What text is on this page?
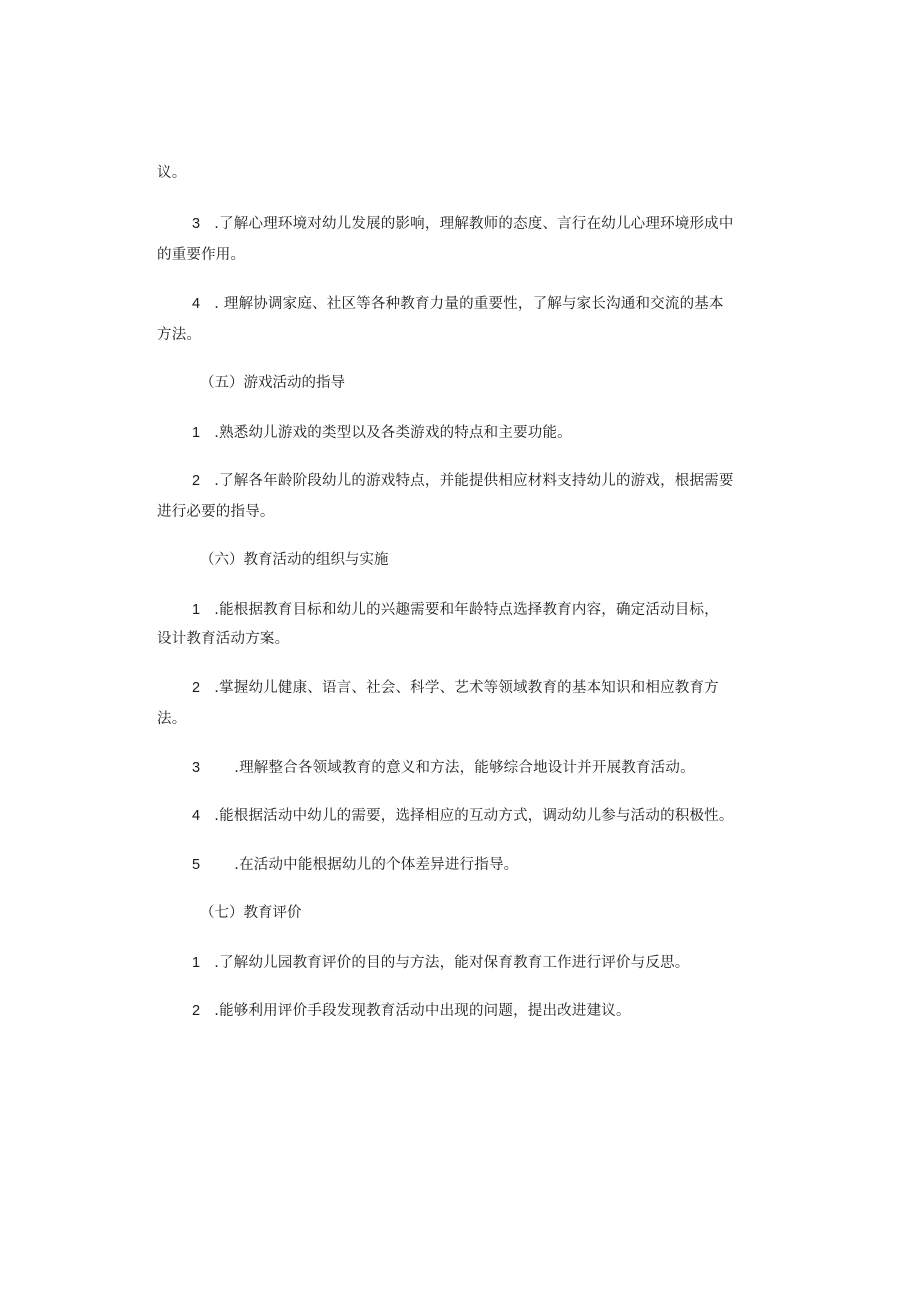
议。
3 .了解心理环境对幼儿发展的影响，理解教师的态度、言行在幼儿心理环境形成中
的重要作用。
4 . 理解协调家庭、社区等各种教育力量的重要性，了解与家长沟通和交流的基本
方法。
（五）游戏活动的指导
1 .熟悉幼儿游戏的类型以及各类游戏的特点和主要功能。
2 .了解各年龄阶段幼儿的游戏特点，并能提供相应材料支持幼儿的游戏，根据需要
进行必要的指导。
（六）教育活动的组织与实施
1 .能根据教育目标和幼儿的兴趣需要和年龄特点选择教育内容，确定活动目标，
设计教育活动方案。
2 .掌握幼儿健康、语言、社会、科学、艺术等领域教育的基本知识和相应教育方
法。
3 .理解整合各领域教育的意义和方法，能够综合地设计并开展教育活动。
4 .能根据活动中幼儿的需要，选择相应的互动方式，调动幼儿参与活动的积极性。
5 .在活动中能根据幼儿的个体差异进行指导。
（七）教育评价
1 .了解幼儿园教育评价的目的与方法，能对保育教育工作进行评价与反思。
2 .能够利用评价手段发现教育活动中出现的问题，提出改进建议。
